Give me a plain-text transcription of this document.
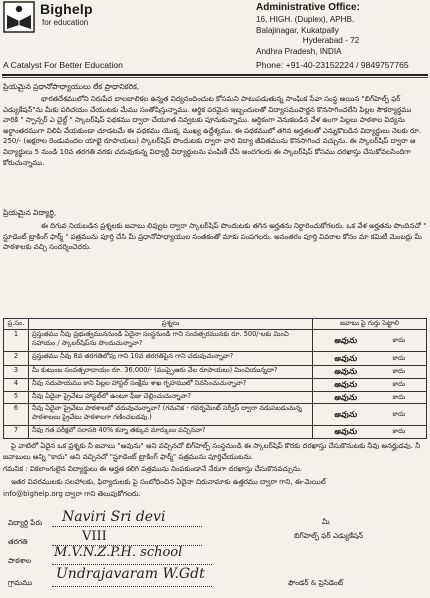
Bighelp
for education
A Catalyst For Better Education
Administrative Office:
16, HIGH. (Duplex), APHB.
Balajinagar, Kukatpally
Hyderabad - 72
Andhra Pradesh, INDIA
Phone: +91-40-23152224 / 9849757765
ప్రియమైన ప్రధానోపాధ్యాయులు లేక ప్రాధానికరిక,
భారతదేశములోని నిరుపేద బాలబాలికల ఉన్నత విద్యనందించుట కోసమని పాటుపడుతున్న సాంఘిక సేవా సంస్థ అయిన "బిగ్‌హెల్ప్ ఫర్ ఎడ్యుకేషన్"ను మీకు పరిచయం చేయుటకు మేము సంతోషిస్తున్నాము. ఆర్థిక పరమైన ఇబ్బందులతో విద్యాసముపార్జన కొనసాగించలేని పిల్లల సౌకర్యార్థము వారికి " స్పాన్సర్ ఎ చైల్డ్ " స్కాలర్‌షిప్ పథకము ద్వారా చేయూత నివ్వటకు పూనుకున్నాము. ఆర్థికంగా వెనుకబడిన వేళ ఉంగా పిల్లలు పాఠశాల విద్యను అర్థాంతరముగా నిలిపి వేయకుండా చూడటమే ఈ పథకము యొక్క ముఖ్య ఉద్దేశ్యము. ఈ పథకములో తగిన అర్హతలతో ఎన్నుకొబడిన విద్యార్థులు నెలకు రూ. 250/- (అక్షరాల రెండువందల యాభై రూపాయలు) స్కాలర్‌షిప్ పొందుటకు ద్వారా వారి విద్యా జీవితమును కొనసాగించ వచ్చును. ఈ స్కాలర్‌షిప్ ద్వారా ఆ విద్యార్థులు 5 నుండి 10వ తరగతి వరకు చదువుకున్న విద్యార్థీ విద్యార్థులను పంపిణీ చేసి అందగలరు ఈ స్కాలర్‌షిప్ కోసము దరఖాస్తు చేసుకోవలసిందిగా కోరుచున్నాము.
ప్రియమైన విద్యార్థి,
ఈ దిగువ నియబడిన ప్రశ్నలకు జవాబు లివ్వుట ద్వారా స్కాలర్‌షిప్ పొందుటకు తగిన అర్హతను నిర్ధారించుకోగలరు. ఒక వేళ అర్హతను పొందినచో " స్టూడెంట్ ట్రాకింగ్ ఫార్మ్ " పత్రమును పూర్తి చేసి మీ ప్రధానోపాధ్యాయుల సంతకంతో మాకు పంపగలరు. అనంతరం పూర్తి వివరాల కోసం మా కమిటీ మెంబర్లు మీ పాఠశాలకు వచ్చి సందర్శించెదరు.
ప్ర.సం.	ప్రశ్నలు	జవాబు పై గుర్తు పెట్టాలి
1	ప్రస్తుతము నీవు ప్రభుత్వముననుండి ఏదైనా సంస్థనుండి గాని సంవత్సరమునకు రూ. 500/-లకు మించి సహాయం / స్కాలర్‌షిప్‌ను పొందుచున్నావా?	అవును కాదు

2	ప్రస్తుతము నీవు 8వ తరగతిలోపు గాని 10వ తరగతిపైన గాని చదువుచున్నావా?	అవును కాదు

3	మీ కుటుంబ సంవత్సరాదాయం రూ. 36,000/- (ముప్పైఆరు వేల రూపాయలు) మించియున్నదా?	అవును కాదు

4	నీవు సదుపాయము కాని పిల్లల హాస్టల్ సంక్షేమ శాఖ గృహములో నివసించుచున్నావా?	అవును కాదు

5	నీవు ఏదైనా ప్రైవేటు హాస్టల్‌లో ఉంటూ ఫీజు చెల్లించుచున్నావా?	అవును కాదు

6	నీవు ఏదైనా ప్రైవేటు పాఠశాలలో చదువుచున్నావా? (గమనిక - గవర్నమెంట్ సర్వీస్ ద్వారా నడుపబడుచున్న పాఠశాలలు ప్రైవేటు పాఠశాలగా గణించబడవు.)	అవును కాదు

7	నీవు గత పరీక్షలో సరాసరి 40% కన్నా తక్కువ మార్కులు వచ్చినవా?	అవును కాదు
పై వాటిలో ఏదైన ఒక ప్రశ్నకు నీ జవాబు "అవును" అని వచ్చినచో బిగ్‌హెల్ప్ సంస్థనుండి ఈ స్కాలర్‌షిప్ కొరకు దరఖాస్తు చేసుకొనుటకు నీవు అనర్హుడవు. నీ జవాబులు అన్ని "కాదు" అని వచ్చినచో "స్టూడెంట్ ట్రాకింగ్ ఫార్మ్" పత్రమును పూర్తిచేయుటను.
గమనిక : వికలాంగులైన విద్యార్థులు ఈ అర్హత కలిగి పత్రమును నింపకుండానే నేరుగా దరఖాస్తు చేసుకొనవచ్చును.
ఇతర వివరములకు సలహాలకు, ఫిర్యాదులకు పై సంబోధించిన ఏదైనా చిరునామాకు ఉత్తరము ద్వారా గాని, ఈ-మెయిల్
info@bighelp.org ద్వారా గాని తెలుపుకోగలరు.
విద్యార్థి పేరు Naviri Sri devi
తరగతి	VIII
పాఠశాల
M.V.N.Z.P.H. school
గ్రామము
Undrajavaram W.Gdt
మీ
బిగ్‌హెల్ప్ ఫర్ ఎడ్యుకేషన్
ఫౌండర్ & ప్రెసిడెంట్
